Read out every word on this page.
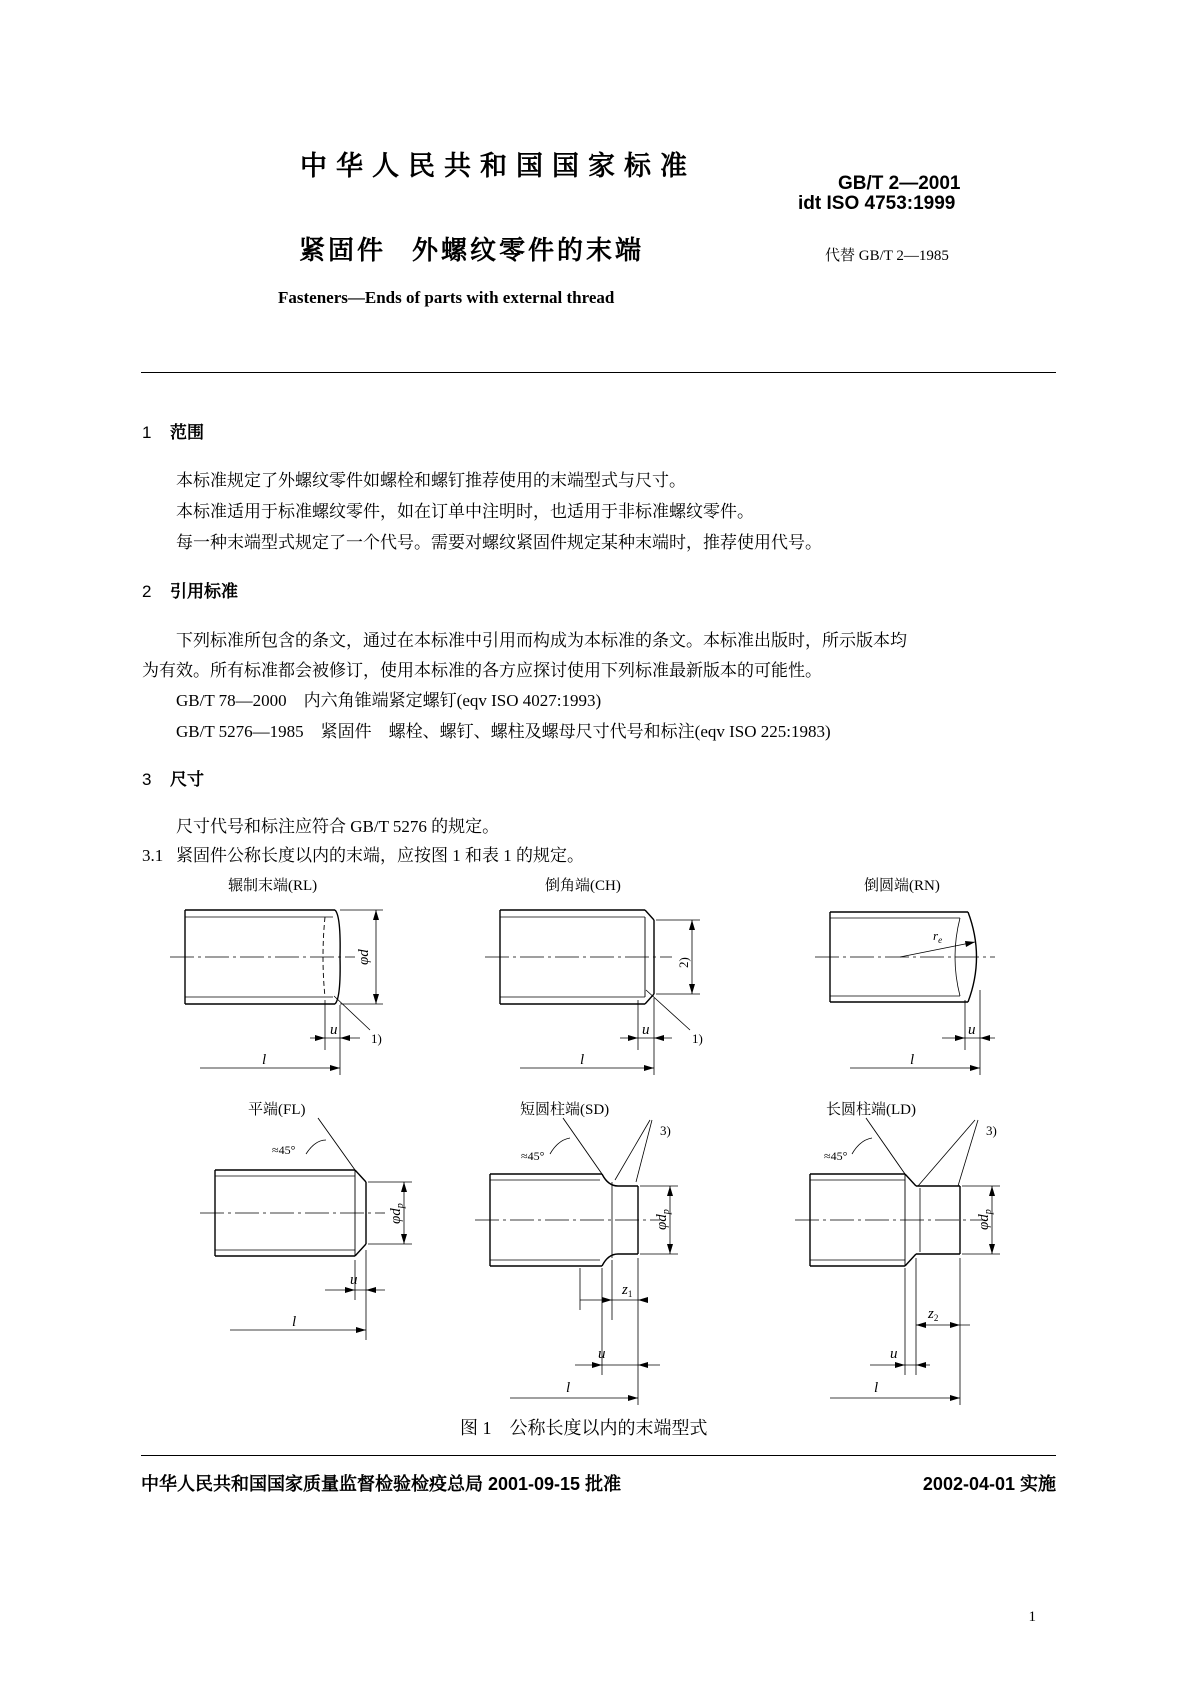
中华人民共和国国家标准
GB/T 2—2001
idt ISO 4753:1999
紧固件 外螺纹零件的末端	代替 GB/T 2—1985
Fasteners—Ends of parts with external thread
1 范围
本标准规定了外螺纹零件如螺栓和螺钉推荐使用的末端型式与尺寸。
本标准适用于标准螺纹零件，如在订单中注明时，也适用于非标准螺纹零件。
每一种末端型式规定了一个代号。需要对螺纹紧固件规定某种末端时，推荐使用代号。
2 引用标准
下列标准所包含的条文，通过在本标准中引用而构成为本标准的条文。本标准出版时，所示版本均
为有效。所有标准都会被修订，使用本标准的各方应探讨使用下列标准最新版本的可能性。
GB/T 78—2000　内六角锥端紧定螺钉(eqv ISO 4027:1993)
GB/T 5276—1985　紧固件　螺栓、螺钉、螺柱及螺母尺寸代号和标注(eqv ISO 225:1983)
3 尺寸
尺寸代号和标注应符合 GB/T 5276 的规定。
3.1 紧固件公称长度以内的末端，应按图 1 和表 1 的规定。
辗制末端(RL)	倒角端(CH)	倒圆端(RN)
平端(FL)	短圆柱端(SD)	长圆柱端(LD)
φd
u
l
1)
2)
u
l
1)
$r_e$
u
l
≈45°
$\varphi d_p$
u
l
≈45°
3)
$\varphi d_p$
$z_1$
u
l
≈45°
3)
$\varphi d_p$
$z_2$
u
l
图 1 公称长度以内的末端型式
中华人民共和国国家质量监督检验检疫总局 2001-09-15 批准	2002-04-01 实施
1
